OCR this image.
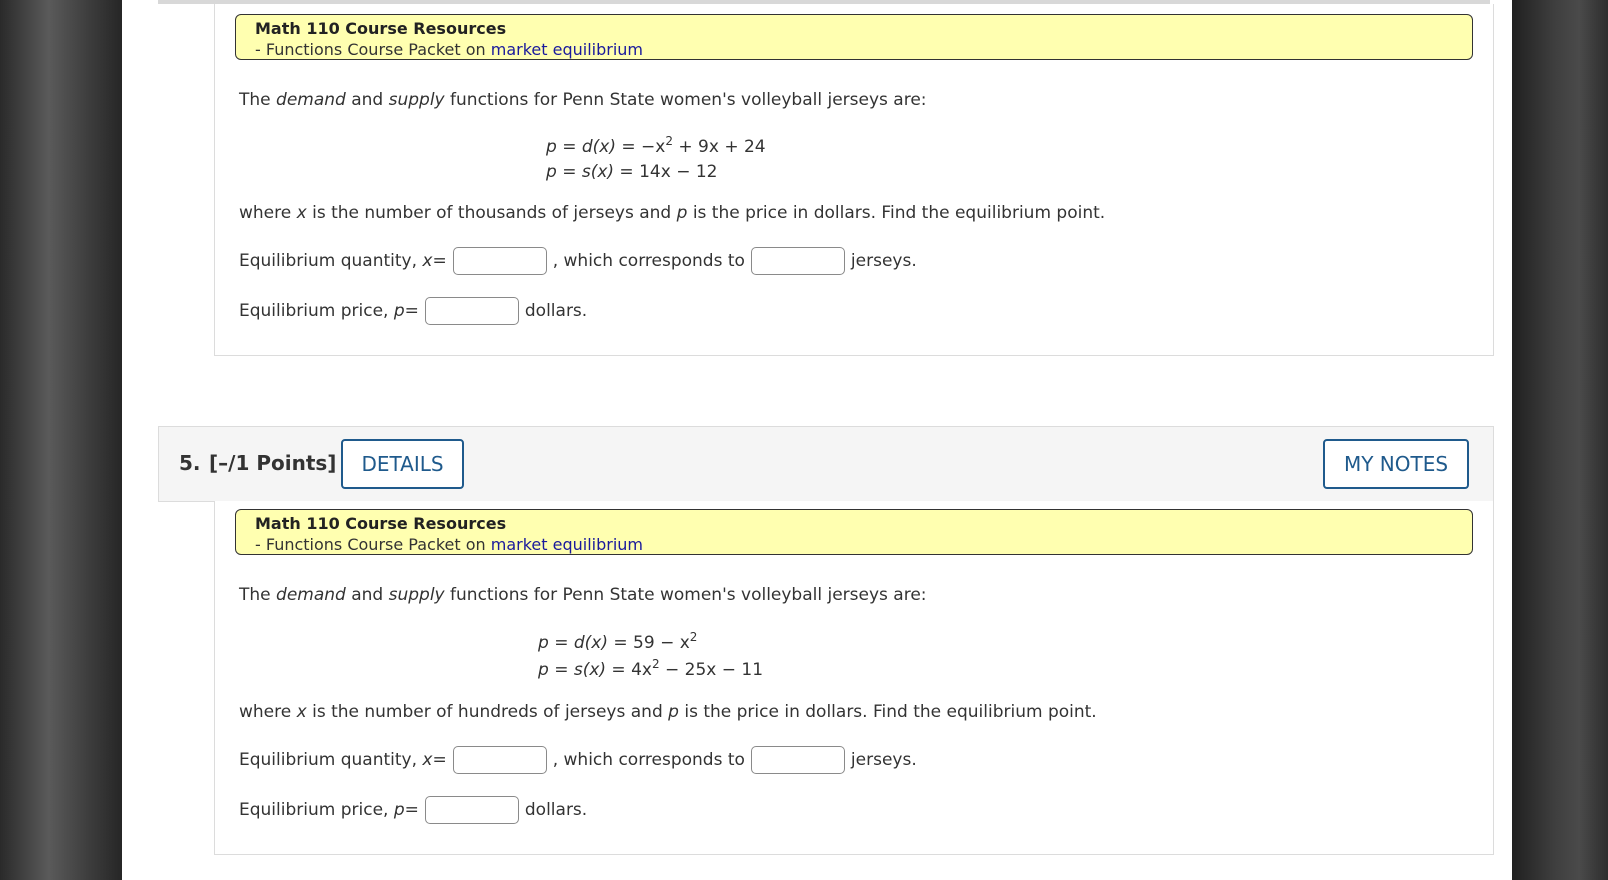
Math 110 Course Resources
- Functions Course Packet on market equilibrium
The demand and supply functions for Penn State women's volleyball jerseys are:
$p = d(x) = -x^2 + 9x + 24$
p = s(x) = 14x − 12
where x is the number of thousands of jerseys and p is the price in dollars. Find the equilibrium point.
Equilibrium quantity,
x =	, which corresponds to	jerseys.
Equilibrium price,
p =	dollars.
5. [–/1 Points]	DETAILS	MY NOTES
Math 110 Course Resources
- Functions Course Packet on market equilibrium
The demand and supply functions for Penn State women's volleyball jerseys are:
$p = d(x) = 59 - x^2$
$p = s(x) = 4x^2 - 25x - 11$
where x is the number of hundreds of jerseys and p is the price in dollars. Find the equilibrium point.
Equilibrium quantity,
x =	, which corresponds to	jerseys.
Equilibrium price,
p =	dollars.
